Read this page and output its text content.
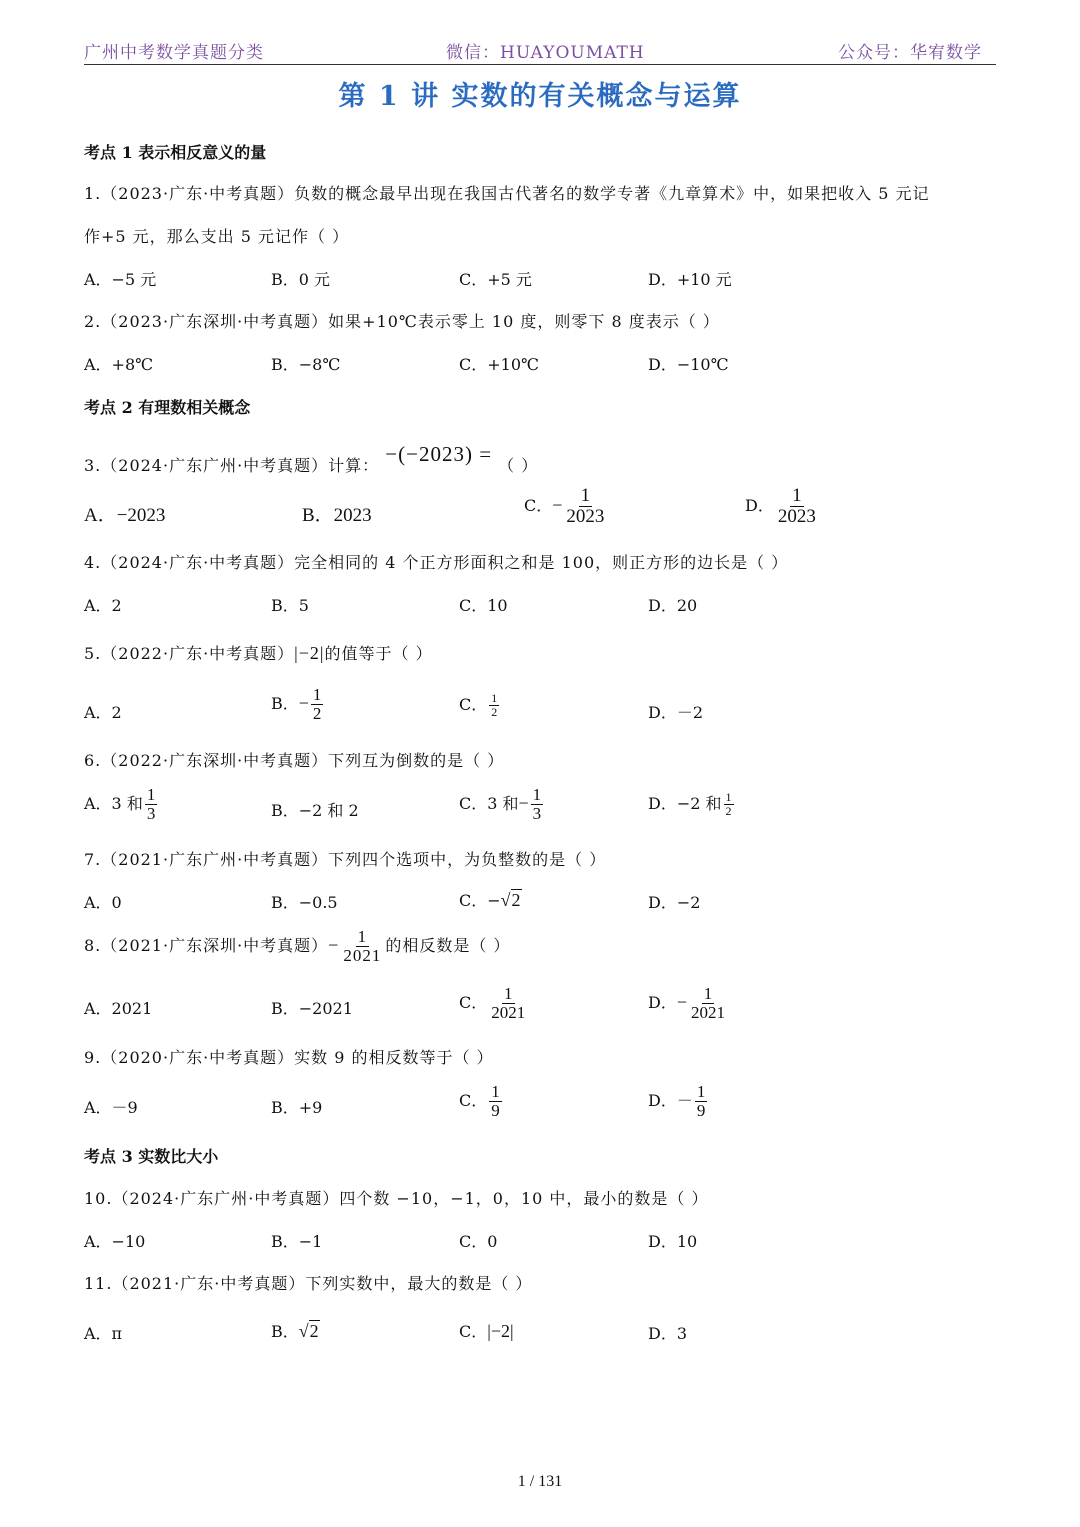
广州中考数学真题分类	微信：HUAYOUMATH	公众号：华宥数学
第 1 讲 实数的有关概念与运算
考点 1 表示相反意义的量
1.（2023·广东·中考真题）负数的概念最早出现在我国古代著名的数学专著《九章算术》中，如果把收入 5 元记
作+5 元，那么支出 5 元记作（ ）
A．−5 元	B．0 元	C．+5 元	D．+10 元
2.（2023·广东深圳·中考真题）如果+10℃表示零上 10 度，则零下 8 度表示（ ）
A．+8℃	B．−8℃	C．+10℃	D．−10℃
考点 2 有理数相关概念
3.（2024·广东广州·中考真题）计算： −(−2023) = （ ）
A．−2023	B．2023	C．− $\frac{1}{2023}$	D． $\frac{1}{2023}$
4.（2024·广东·中考真题）完全相同的 4 个正方形面积之和是 100，则正方形的边长是（ ）
A．2	B．5	C．10	D．20
5.（2022·广东·中考真题）|−2|的值等于（ ）
A．2	B．− $\frac{1}{2}$	C． $\frac{1}{2}$	D．－2
6.（2022·广东深圳·中考真题）下列互为倒数的是（ ）
A．3 和 $\frac{1}{3}$	B．−2 和 2	C．3 和− $\frac{1}{3}$	D．−2 和 $\frac{1}{2}$
7.（2021·广东广州·中考真题）下列四个选项中，为负整数的是（ ）
A．0	B．−0.5	C．−√2	D．−2
8.（2021·广东深圳·中考真题）− $\frac{1}{2021}$ 的相反数是（ ）
A．2021	B．−2021	C． $\frac{1}{2021}$	D．− $\frac{1}{2021}$
9.（2020·广东·中考真题）实数 9 的相反数等于（ ）
A．－9	B．+9	C． $\frac{1}{9}$	D．－ $\frac{1}{9}$
考点 3 实数比大小
10.（2024·广东广州·中考真题）四个数 −10，−1，0，10 中，最小的数是（ ）
A．−10	B．−1	C．0	D．10
11.（2021·广东·中考真题）下列实数中，最大的数是（ ）
A．π	B．√2	C．|−2|	D．3
1 / 131
